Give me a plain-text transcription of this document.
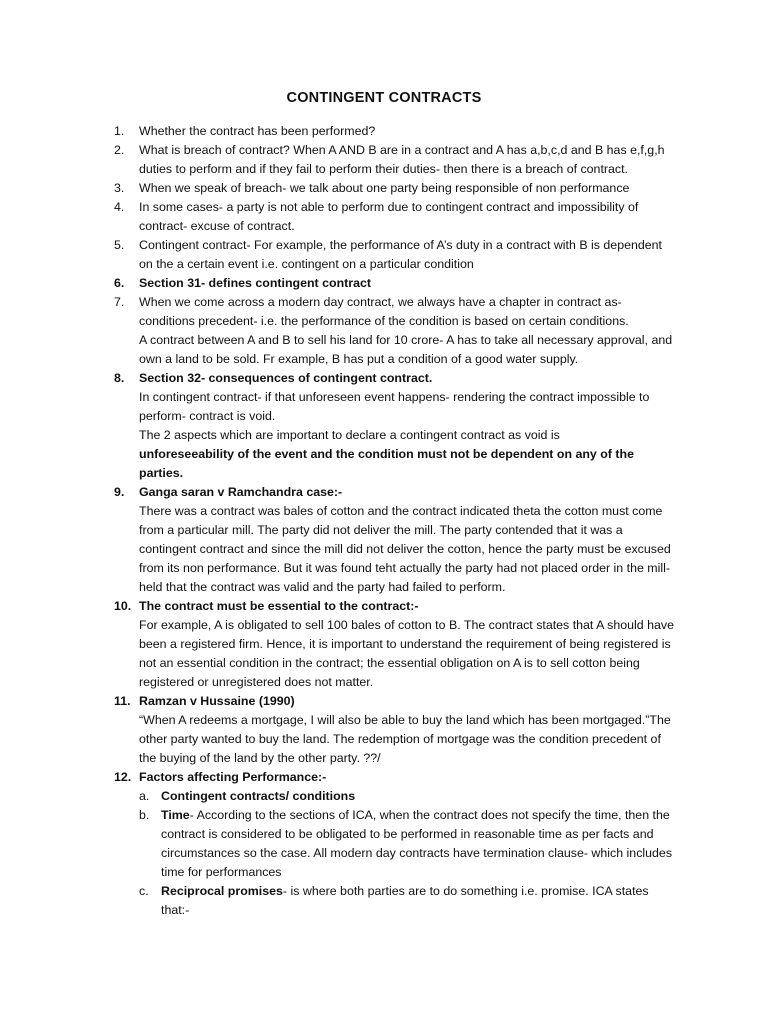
CONTINGENT CONTRACTS
1. Whether the contract has been performed?
2. What is breach of contract? When A AND B are in a contract and A has a,b,c,d and B has e,f,g,h duties to perform and if they fail to perform their duties- then there is a breach of contract.
3. When we speak of breach- we talk about one party being responsible of non performance
4. In some cases- a party is not able to perform due to contingent contract and impossibility of contract- excuse of contract.
5. Contingent contract- For example, the performance of A’s duty in a contract with B is dependent on the a certain event i.e. contingent on a particular condition
6. Section 31- defines contingent contract
7. When we come across a modern day contract, we always have a chapter in contract as- conditions precedent- i.e. the performance of the condition is based on certain conditions.
A contract between A and B to sell his land for 10 crore- A has to take all necessary approval, and own a land to be sold. Fr example, B has put a condition of a good water supply.
8. Section 32- consequences of contingent contract.
In contingent contract- if that unforeseen event happens- rendering the contract impossible to perform- contract is void.
The 2 aspects which are important to declare a contingent contract as void is
unforeseeability of the event and the condition must not be dependent on any of the parties.
9. Ganga saran v Ramchandra case:-
There was a contract was bales of cotton and the contract indicated theta the cotton must come from a particular mill. The party did not deliver the mill. The party contended that it was a contingent contract and since the mill did not deliver the cotton, hence the party must be excused from its non performance. But it was found teht actually the party had not placed order in the mill- held that the contract was valid and the party had failed to perform.
10. The contract must be essential to the contract:-
For example, A is obligated to sell 100 bales of cotton to B. The contract states that A should have been a registered firm. Hence, it is important to understand the requirement of being registered is not an essential condition in the contract; the essential obligation on A is to sell cotton being registered or unregistered does not matter.
11. Ramzan v Hussaine (1990)
“When A redeems a mortgage, I will also be able to buy the land which has been mortgaged.”The other party wanted to buy the land. The redemption of mortgage was the condition precedent of the buying of the land by the other party. ??/
12. Factors affecting Performance:-
a. Contingent contracts/ conditions
b. Time- According to the sections of ICA, when the contract does not specify the time, then the contract is considered to be obligated to be performed in reasonable time as per facts and circumstances so the case. All modern day contracts have termination clause- which includes time for performances
c. Reciprocal promises- is where both parties are to do something i.e. promise. ICA states that:-
